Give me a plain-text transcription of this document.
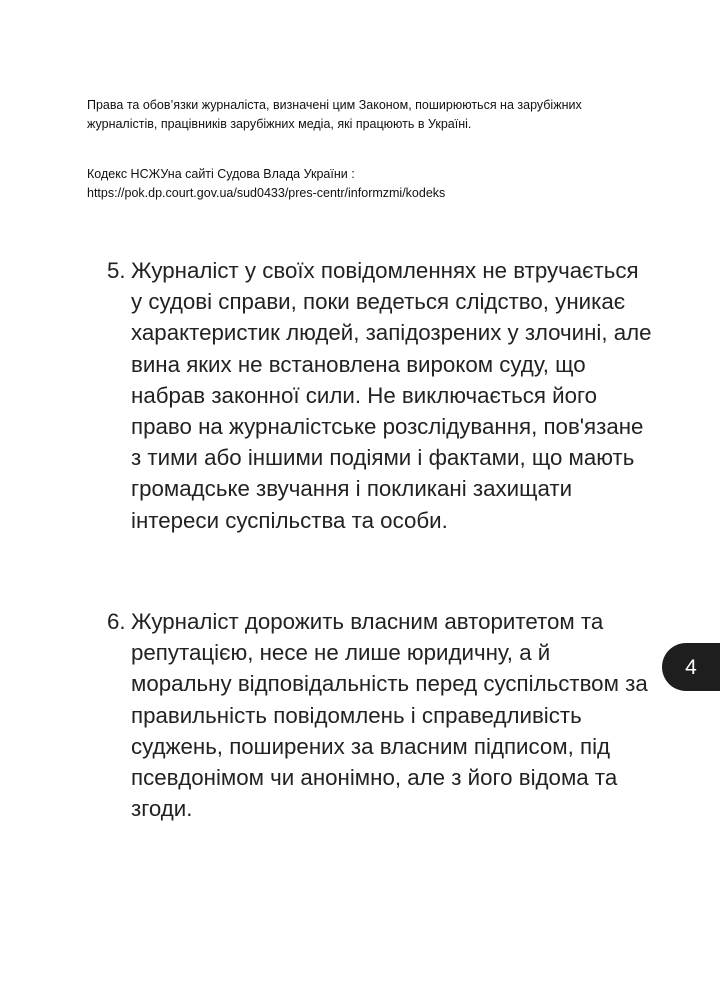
Права та обов’язки журналіста, визначені цим Законом, поширюються на зарубіжних журналістів, працівників зарубіжних медіа, які працюють в Україні.

Кодекс НСЖУна сайті Судова Влада України :
https://pok.dp.court.gov.ua/sud0433/pres-centr/informzmi/kodeks

5. Журналіст у своїх повідомленнях не втручається у судові справи, поки ведеться слідство, уникає характеристик людей, запідозрених у злочині, але вина яких не встановлена вироком суду, що набрав законної сили. Не виключається його право на журналістське розслідування, пов'язане з тими або іншими подіями і фактами, що мають громадське звучання і покликані захищати інтереси суспільства та особи.

6. Журналіст дорожить власним авторитетом та репутацією, несе не лише юридичну, а й моральну відповідальність перед суспільством за правильність повідомлень і справедливість суджень, поширених за власним підписом, під псевдонімом чи анонімно, але з його відома та згоди.

4
